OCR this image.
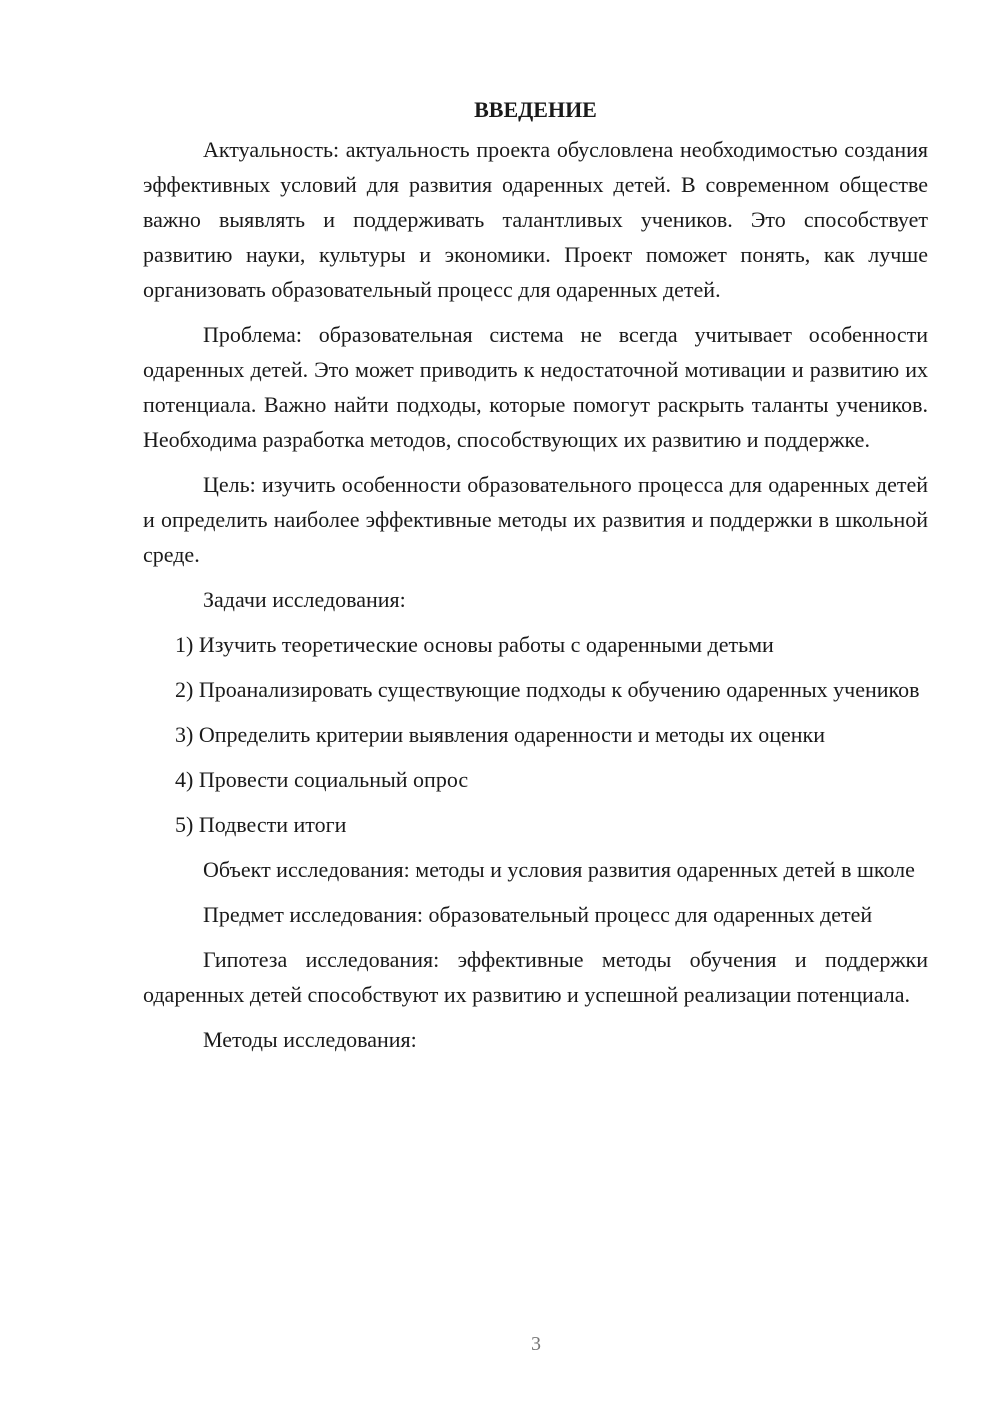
ВВЕДЕНИЕ

Актуальность: актуальность проекта обусловлена необходимостью создания эффективных условий для развития одаренных детей. В современном обществе важно выявлять и поддерживать талантливых учеников. Это способствует развитию науки, культуры и экономики. Проект поможет понять, как лучше организовать образовательный процесс для одаренных детей.

Проблема: образовательная система не всегда учитывает особенности одаренных детей. Это может приводить к недостаточной мотивации и развитию их потенциала. Важно найти подходы, которые помогут раскрыть таланты учеников. Необходима разработка методов, способствующих их развитию и поддержке.

Цель: изучить особенности образовательного процесса для одаренных детей и определить наиболее эффективные методы их развития и поддержки в школьной среде.

Задачи исследования:

1) Изучить теоретические основы работы с одаренными детьми

2) Проанализировать существующие подходы к обучению одаренных учеников

3) Определить критерии выявления одаренности и методы их оценки

4) Провести социальный опрос

5) Подвести итоги

Объект исследования: методы и условия развития одаренных детей в школе

Предмет исследования: образовательный процесс для одаренных детей

Гипотеза исследования: эффективные методы обучения и поддержки одаренных детей способствуют их развитию и успешной реализации потенциала.

Методы исследования:

3
